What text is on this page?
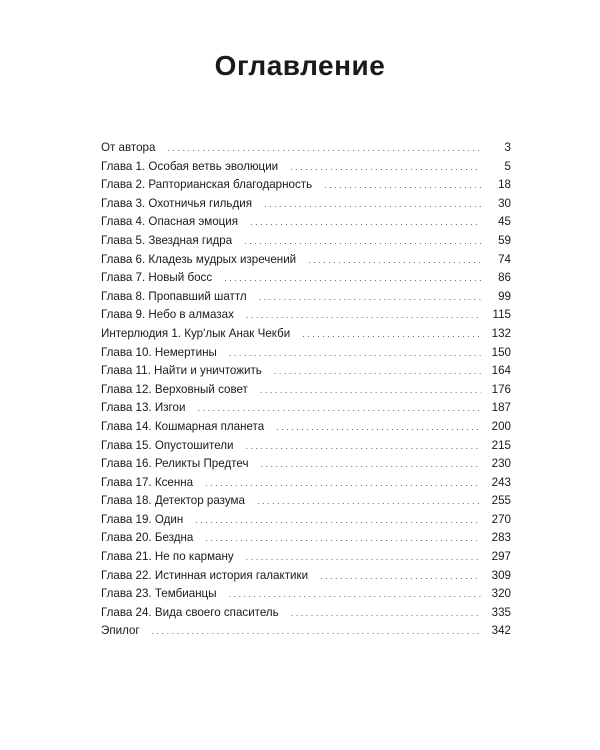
Оглавление
От автора . . .	3
Глава 1. Особая ветвь эволюции . . .	5
Глава 2. Рапторианская благодарность . . .	18
Глава 3. Охотничья гильдия . . .	30
Глава 4. Опасная эмоция . . .	45
Глава 5. Звездная гидра . . .	59
Глава 6. Кладезь мудрых изречений . . .	74
Глава 7. Новый босс . . .	86
Глава 8. Пропавший шаттл . . .	99
Глава 9. Небо в алмазах . . .	115
Интерлюдия 1. Кур'лык Анак Чекби . . .	132
Глава 10. Немертины . . .	150
Глава 11. Найти и уничтожить . . .	164
Глава 12. Верховный совет . . .	176
Глава 13. Изгои . . .	187
Глава 14. Кошмарная планета . . .	200
Глава 15. Опустошители . . .	215
Глава 16. Реликты Предтеч . . .	230
Глава 17. Ксенна . . .	243
Глава 18. Детектор разума . . .	255
Глава 19. Один . . .	270
Глава 20. Бездна . . .	283
Глава 21. Не по карману . . .	297
Глава 22. Истинная история галактики . . .	309
Глава 23. Тембианцы . . .	320
Глава 24. Вида своего спаситель . . .	335
Эпилог . . .	342
